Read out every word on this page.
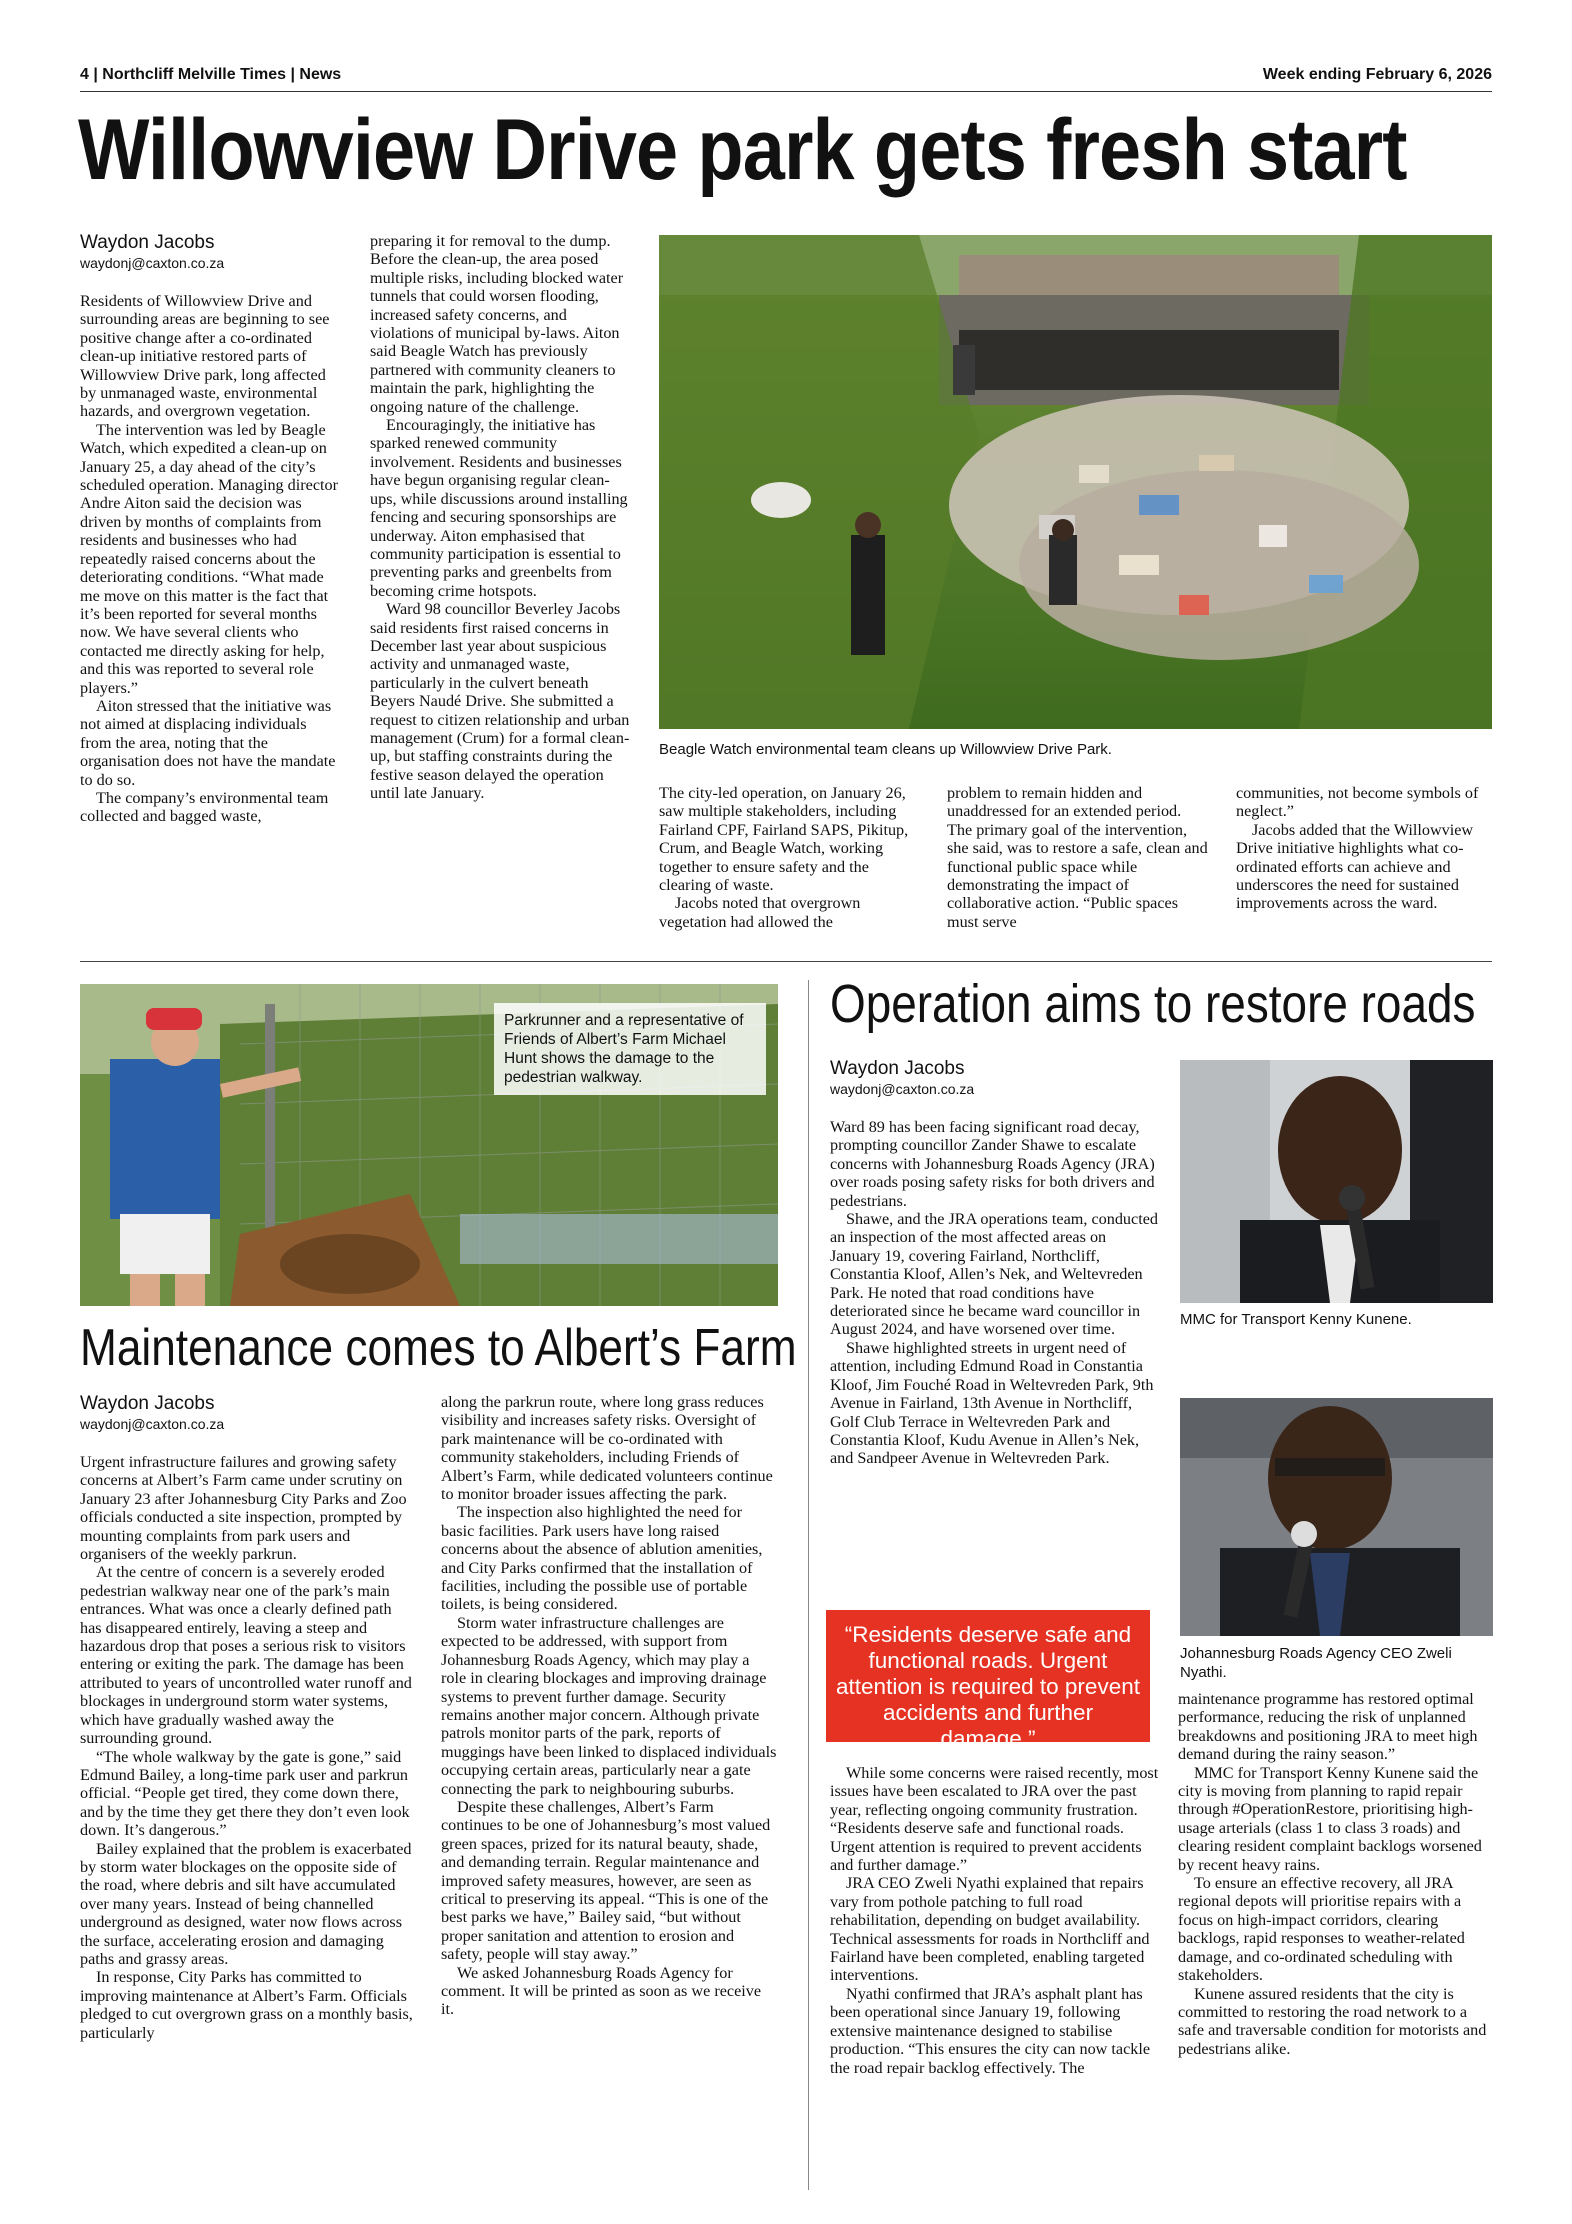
4 | Northcliff Melville Times | News	Week ending February 6, 2026
Willowview Drive park gets fresh start
Waydon Jacobs
waydonj@caxton.co.za

Residents of Willowview Drive and surrounding areas are beginning to see positive change after a co-ordinated clean-up initiative restored parts of Willowview Drive park, long affected by unmanaged waste, environmental hazards, and overgrown vegetation.

The intervention was led by Beagle Watch, which expedited a clean-up on January 25, a day ahead of the city’s scheduled operation. Managing director Andre Aiton said the decision was driven by months of complaints from residents and businesses who had repeatedly raised concerns about the deteriorating conditions. “What made me move on this matter is the fact that it’s been reported for several months now. We have several clients who contacted me directly asking for help, and this was reported to several role players.”

Aiton stressed that the initiative was not aimed at displacing individuals from the area, noting that the organisation does not have the mandate to do so.

The company’s environmental team collected and bagged waste,

preparing it for removal to the dump. Before the clean-up, the area posed multiple risks, including blocked water tunnels that could worsen flooding, increased safety concerns, and violations of municipal by-laws. Aiton said Beagle Watch has previously partnered with community cleaners to maintain the park, highlighting the ongoing nature of the challenge.

Encouragingly, the initiative has sparked renewed community involvement. Residents and businesses have begun organising regular clean-ups, while discussions around installing fencing and securing sponsorships are underway. Aiton emphasised that community participation is essential to preventing parks and greenbelts from becoming crime hotspots.

Ward 98 councillor Beverley Jacobs said residents first raised concerns in December last year about suspicious activity and unmanaged waste, particularly in the culvert beneath Beyers Naudé Drive. She submitted a request to citizen relationship and urban management (Crum) for a formal clean-up, but staffing constraints during the festive season delayed the operation until late January.

Beagle Watch environmental team cleans up Willowview Drive Park.

The city-led operation, on January 26, saw multiple stakeholders, including Fairland CPF, Fairland SAPS, Pikitup, Crum, and Beagle Watch, working together to ensure safety and the clearing of waste.

Jacobs noted that overgrown vegetation had allowed the

problem to remain hidden and unaddressed for an extended period. The primary goal of the intervention, she said, was to restore a safe, clean and functional public space while demonstrating the impact of collaborative action. “Public spaces must serve

communities, not become symbols of neglect.”

Jacobs added that the Willowview Drive initiative highlights what co-ordinated efforts can achieve and underscores the need for sustained improvements across the ward.

Parkrunner and a representative of Friends of Albert’s Farm Michael Hunt shows the damage to the pedestrian walkway.
Maintenance comes to Albert’s Farm
Waydon Jacobs
waydonj@caxton.co.za

Urgent infrastructure failures and growing safety concerns at Albert’s Farm came under scrutiny on January 23 after Johannesburg City Parks and Zoo officials conducted a site inspection, prompted by mounting complaints from park users and organisers of the weekly parkrun.

At the centre of concern is a severely eroded pedestrian walkway near one of the park’s main entrances. What was once a clearly defined path has disappeared entirely, leaving a steep and hazardous drop that poses a serious risk to visitors entering or exiting the park. The damage has been attributed to years of uncontrolled water runoff and blockages in underground storm water systems, which have gradually washed away the surrounding ground.

“The whole walkway by the gate is gone,” said Edmund Bailey, a long-time park user and parkrun official. “People get tired, they come down there, and by the time they get there they don’t even look down. It’s dangerous.”

Bailey explained that the problem is exacerbated by storm water blockages on the opposite side of the road, where debris and silt have accumulated over many years. Instead of being channelled underground as designed, water now flows across the surface, accelerating erosion and damaging paths and grassy areas.

In response, City Parks has committed to improving maintenance at Albert’s Farm. Officials pledged to cut overgrown grass on a monthly basis, particularly

along the parkrun route, where long grass reduces visibility and increases safety risks. Oversight of park maintenance will be co-ordinated with community stakeholders, including Friends of Albert’s Farm, while dedicated volunteers continue to monitor broader issues affecting the park.

The inspection also highlighted the need for basic facilities. Park users have long raised concerns about the absence of ablution amenities, and City Parks confirmed that the installation of facilities, including the possible use of portable toilets, is being considered.

Storm water infrastructure challenges are expected to be addressed, with support from Johannesburg Roads Agency, which may play a role in clearing blockages and improving drainage systems to prevent further damage. Security remains another major concern. Although private patrols monitor parts of the park, reports of muggings have been linked to displaced individuals occupying certain areas, particularly near a gate connecting the park to neighbouring suburbs.

Despite these challenges, Albert’s Farm continues to be one of Johannesburg’s most valued green spaces, prized for its natural beauty, shade, and demanding terrain. Regular maintenance and improved safety measures, however, are seen as critical to preserving its appeal. “This is one of the best parks we have,” Bailey said, “but without proper sanitation and attention to erosion and safety, people will stay away.”

We asked Johannesburg Roads Agency for comment. It will be printed as soon as we receive it.

Operation aims to restore roads
Waydon Jacobs
waydonj@caxton.co.za

Ward 89 has been facing significant road decay, prompting councillor Zander Shawe to escalate concerns with Johannesburg Roads Agency (JRA) over roads posing safety risks for both drivers and pedestrians.

Shawe, and the JRA operations team, conducted an inspection of the most affected areas on January 19, covering Fairland, Northcliff, Constantia Kloof, Allen’s Nek, and Weltevreden Park. He noted that road conditions have deteriorated since he became ward councillor in August 2024, and have worsened over time.

Shawe highlighted streets in urgent need of attention, including Edmund Road in Constantia Kloof, Jim Fouché Road in Weltevreden Park, 9th Avenue in Fairland, 13th Avenue in Northcliff, Golf Club Terrace in Weltevreden Park and Constantia Kloof, Kudu Avenue in Allen’s Nek, and Sandpeer Avenue in Weltevreden Park.

MMC for Transport Kenny Kunene.
Johannesburg Roads Agency CEO Zweli Nyathi.
“Residents deserve safe and functional roads. Urgent attention is required to prevent accidents and further damage.”

While some concerns were raised recently, most issues have been escalated to JRA over the past year, reflecting ongoing community frustration. “Residents deserve safe and functional roads. Urgent attention is required to prevent accidents and further damage.”

JRA CEO Zweli Nyathi explained that repairs vary from pothole patching to full road rehabilitation, depending on budget availability. Technical assessments for roads in Northcliff and Fairland have been completed, enabling targeted interventions.

Nyathi confirmed that JRA’s asphalt plant has been operational since January 19, following extensive maintenance designed to stabilise production. “This ensures the city can now tackle the road repair backlog effectively. The

maintenance programme has restored optimal performance, reducing the risk of unplanned breakdowns and positioning JRA to meet high demand during the rainy season.”

MMC for Transport Kenny Kunene said the city is moving from planning to rapid repair through #OperationRestore, prioritising high-usage arterials (class 1 to class 3 roads) and clearing resident complaint backlogs worsened by recent heavy rains.

To ensure an effective recovery, all JRA regional depots will prioritise repairs with a focus on high-impact corridors, clearing backlogs, rapid responses to weather-related damage, and co-ordinated scheduling with stakeholders.

Kunene assured residents that the city is committed to restoring the road network to a safe and traversable condition for motorists and pedestrians alike.
